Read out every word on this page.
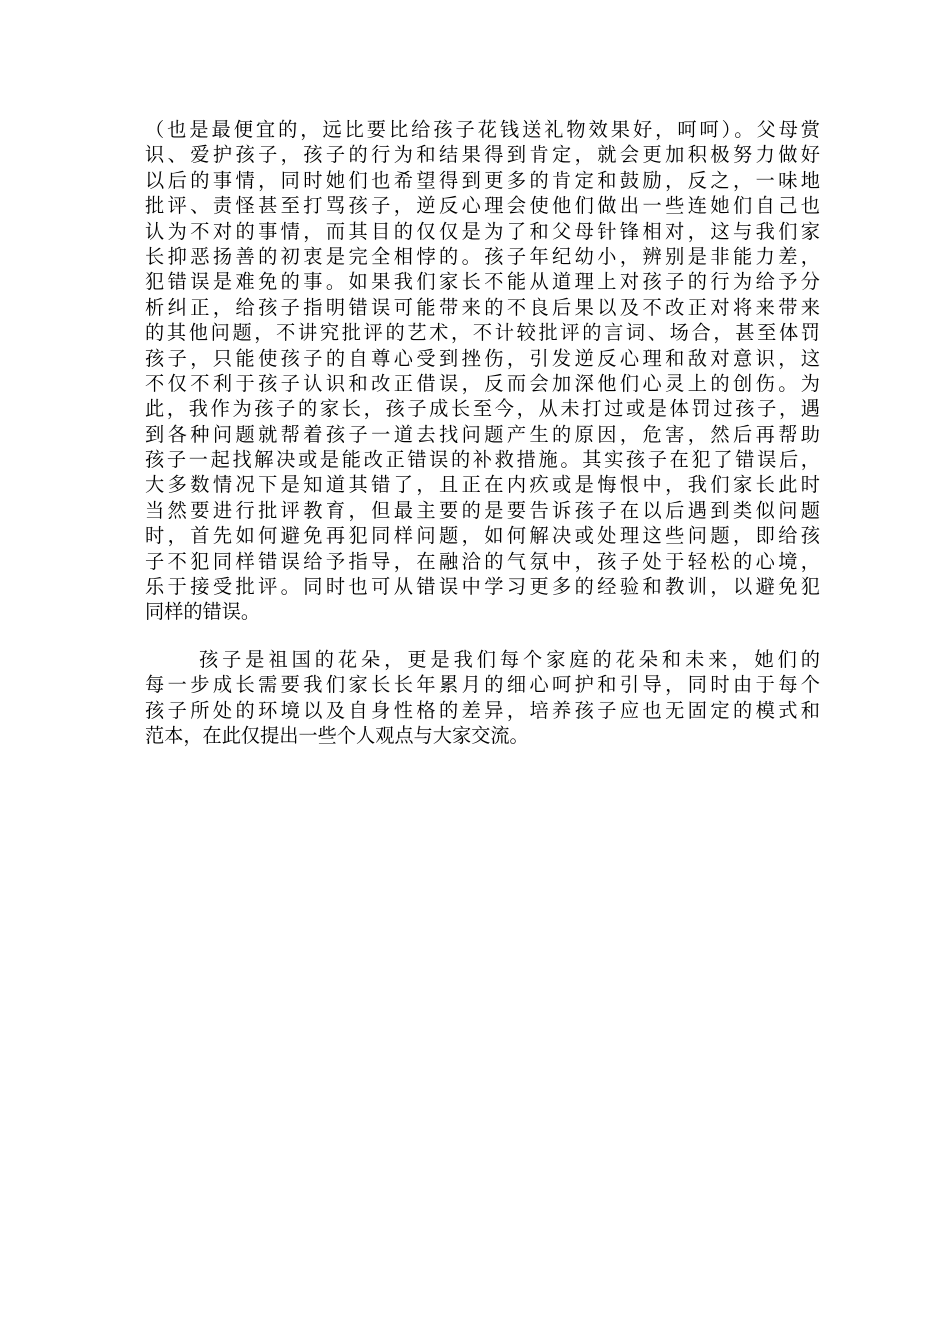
（也是最便宜的，远比要比给孩子花钱送礼物效果好，呵呵）。父母赏
识、爱护孩子，孩子的行为和结果得到肯定，就会更加积极努力做好
以后的事情，同时她们也希望得到更多的肯定和鼓励，反之，一味地
批评、责怪甚至打骂孩子，逆反心理会使他们做出一些连她们自己也
认为不对的事情，而其目的仅仅是为了和父母针锋相对，这与我们家
长抑恶扬善的初衷是完全相悖的。孩子年纪幼小，辨别是非能力差，
犯错误是难免的事。如果我们家长不能从道理上对孩子的行为给予分
析纠正，给孩子指明错误可能带来的不良后果以及不改正对将来带来
的其他问题，不讲究批评的艺术，不计较批评的言词、场合，甚至体罚
孩子，只能使孩子的自尊心受到挫伤，引发逆反心理和敌对意识，这
不仅不利于孩子认识和改正借误，反而会加深他们心灵上的创伤。为
此，我作为孩子的家长，孩子成长至今，从未打过或是体罚过孩子，遇
到各种问题就帮着孩子一道去找问题产生的原因，危害，然后再帮助
孩子一起找解决或是能改正错误的补救措施。其实孩子在犯了错误后，
大多数情况下是知道其错了，且正在内疚或是悔恨中，我们家长此时
当然要进行批评教育，但最主要的是要告诉孩子在以后遇到类似问题
时，首先如何避免再犯同样问题，如何解决或处理这些问题，即给孩
子不犯同样错误给予指导，在融洽的气氛中，孩子处于轻松的心境，
乐于接受批评。同时也可从错误中学习更多的经验和教训，以避免犯
同样的错误。

孩子是祖国的花朵，更是我们每个家庭的花朵和未来，她们的
每一步成长需要我们家长长年累月的细心呵护和引导，同时由于每个
孩子所处的环境以及自身性格的差异，培养孩子应也无固定的模式和
范本，在此仅提出一些个人观点与大家交流。
